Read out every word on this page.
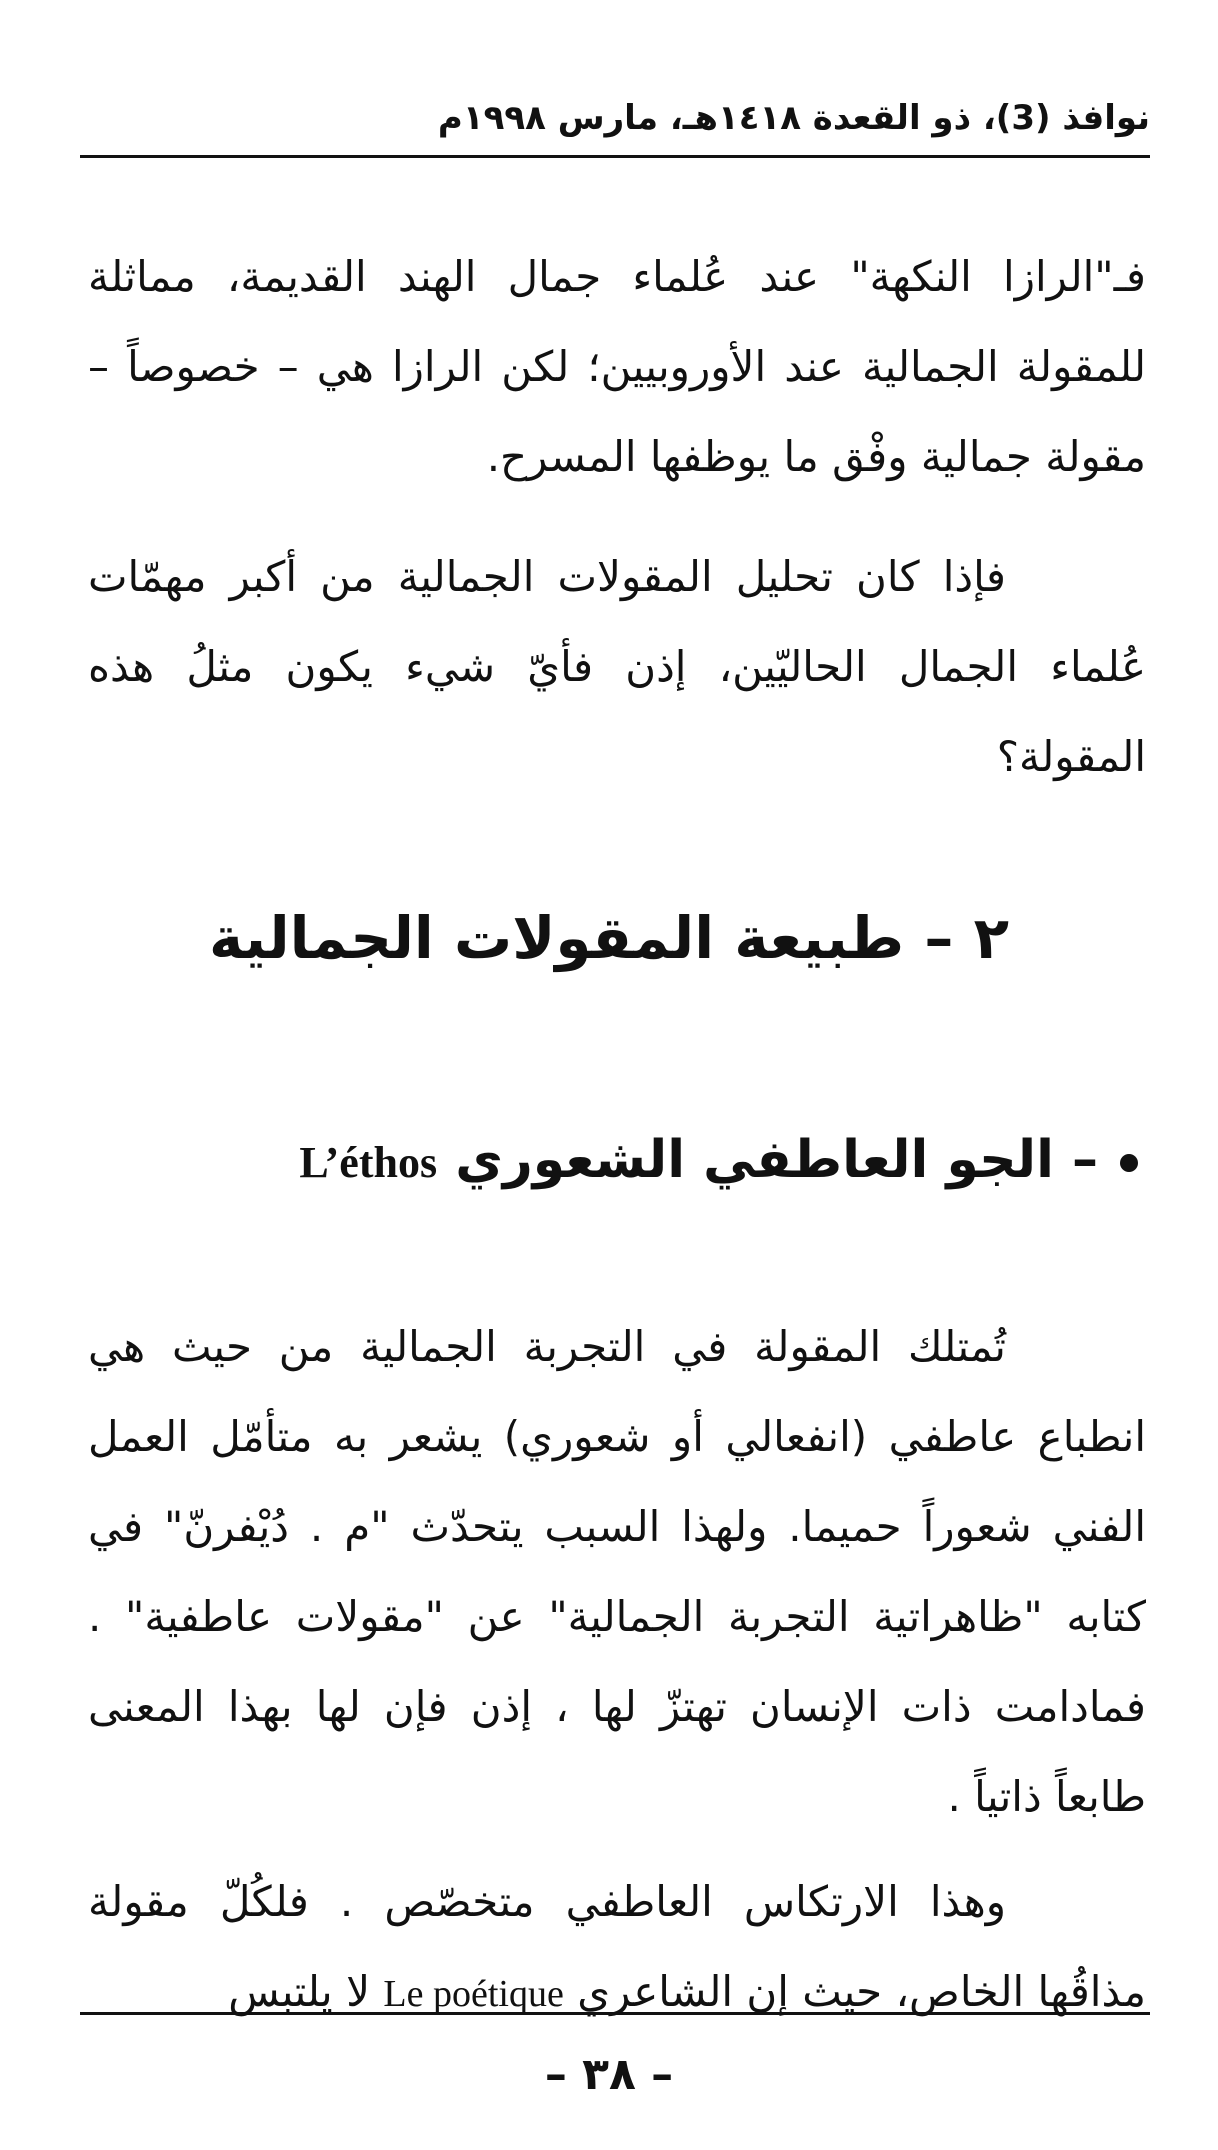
نوافذ (3)، ذو القعدة ١٤١٨هـ، مارس ١٩٩٨م

فـ"الرازا النكهة" عند عُلماء جمال الهند القديمة، مماثلة للمقولة الجمالية عند الأوروبيين؛ لكن الرازا هي – خصوصاً – مقولة جمالية وفْق ما يوظفها المسرح.

فإذا كان تحليل المقولات الجمالية من أكبر مهمّات عُلماء الجمال الحاليّين، إذن فأيّ شيء يكون مثلُ هذه المقولة؟

٢ – طبيعة المقولات الجمالية
– الجو العاطفي الشعوري L’éthos

تُمتلك المقولة في التجربة الجمالية من حيث هي انطباع عاطفي (انفعالي أو شعوري) يشعر به متأمّل العمل الفني شعوراً حميما. ولهذا السبب يتحدّث "م . دُيْفرنّ" في كتابه "ظاهراتية التجربة الجمالية" عن "مقولات عاطفية" . فمادامت ذات الإنسان تهتزّ لها ، إذن فإن لها بهذا المعنى طابعاً ذاتياً .

وهذا الارتكاس العاطفي متخصّص . فلكُلّ مقولة مذاقُها الخاص، حيث إن الشاعري Le poétique لا يلتبس

– ٣٨ –
